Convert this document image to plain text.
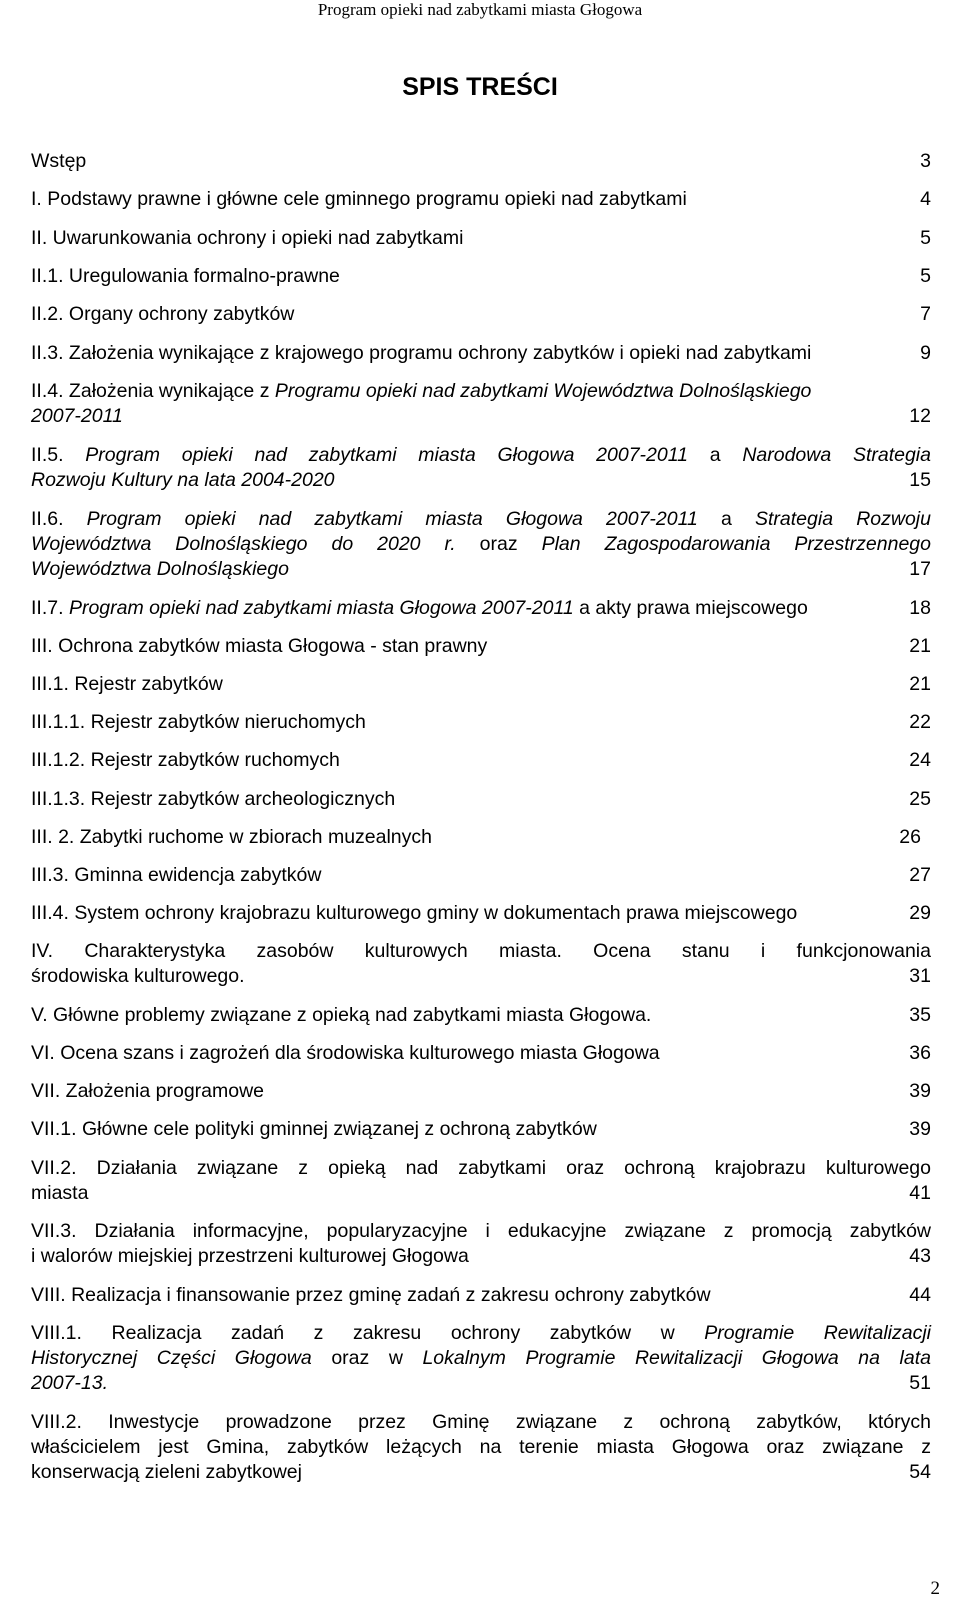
Program opieki nad zabytkami miasta Głogowa
SPIS TREŚCI
Wstęp	3
I. Podstawy prawne i główne cele gminnego programu opieki nad zabytkami	4
II. Uwarunkowania ochrony i opieki nad zabytkami	5
II.1. Uregulowania formalno-prawne	5
II.2. Organy ochrony zabytków	7
II.3. Założenia wynikające z krajowego programu ochrony zabytków i opieki nad zabytkami	9
II.4. Założenia wynikające z Programu opieki nad zabytkami Województwa Dolnośląskiego
2007-2011	12
II.5. Program opieki nad zabytkami miasta Głogowa 2007-2011 a Narodowa Strategia
Rozwoju Kultury na lata 2004-2020	15
II.6. Program opieki nad zabytkami miasta Głogowa 2007-2011 a Strategia Rozwoju
Województwa Dolnośląskiego do 2020 r. oraz Plan Zagospodarowania Przestrzennego
Województwa Dolnośląskiego	17
II.7. Program opieki nad zabytkami miasta Głogowa 2007-2011 a akty prawa miejscowego	18
III. Ochrona zabytków miasta Głogowa - stan prawny	21
III.1. Rejestr zabytków	21
III.1.1. Rejestr zabytków nieruchomych	22
III.1.2. Rejestr zabytków ruchomych	24
III.1.3. Rejestr zabytków archeologicznych	25
III. 2. Zabytki ruchome w zbiorach muzealnych	26
III.3. Gminna ewidencja zabytków	27
III.4. System ochrony krajobrazu kulturowego gminy w dokumentach prawa miejscowego	29
IV. Charakterystyka zasobów kulturowych miasta. Ocena stanu i funkcjonowania
środowiska kulturowego.	31
V. Główne problemy związane z opieką nad zabytkami miasta Głogowa.	35
VI. Ocena szans i zagrożeń dla środowiska kulturowego miasta Głogowa	36
VII. Założenia programowe	39
VII.1. Główne cele polityki gminnej związanej z ochroną zabytków	39
VII.2. Działania związane z opieką nad zabytkami oraz ochroną krajobrazu kulturowego
miasta	41
VII.3. Działania informacyjne, popularyzacyjne i edukacyjne związane z promocją zabytków
i walorów miejskiej przestrzeni kulturowej Głogowa	43
VIII. Realizacja i finansowanie przez gminę zadań z zakresu ochrony zabytków	44
VIII.1. Realizacja zadań z zakresu ochrony zabytków w Programie Rewitalizacji
Historycznej Części Głogowa oraz w Lokalnym Programie Rewitalizacji Głogowa na lata
2007-13.	51
VIII.2. Inwestycje prowadzone przez Gminę związane z ochroną zabytków, których
właścicielem jest Gmina, zabytków leżących na terenie miasta Głogowa oraz związane z
konserwacją zieleni zabytkowej	54
2
